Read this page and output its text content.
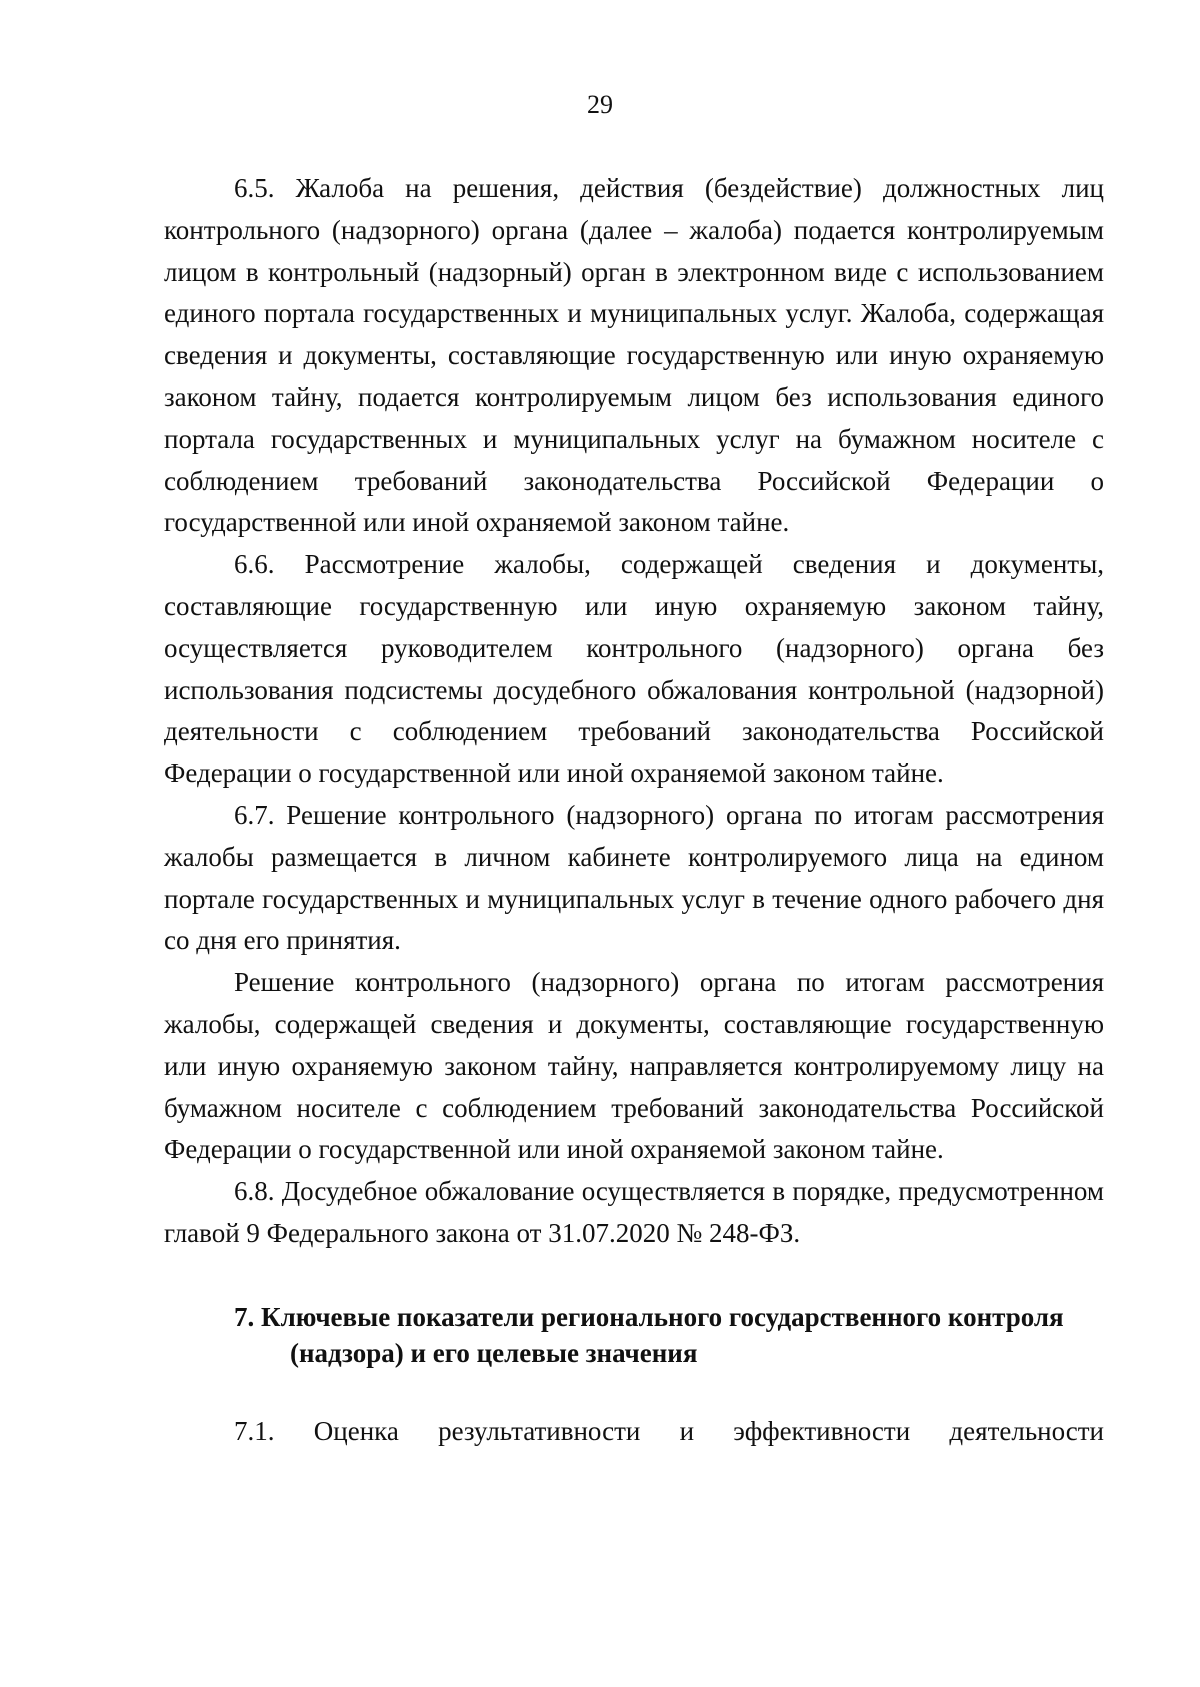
29

6.5. Жалоба на решения, действия (бездействие) должностных лиц контрольного (надзорного) органа (далее – жалоба) подается контролируемым лицом в контрольный (надзорный) орган в электронном виде с использованием единого портала государственных и муниципальных услуг. Жалоба, содержащая сведения и документы, составляющие государственную или иную охраняемую законом тайну, подается контролируемым лицом без использования единого портала государственных и муниципальных услуг на бумажном носителе с соблюдением требований законодательства Российской Федерации о государственной или иной охраняемой законом тайне.

6.6. Рассмотрение жалобы, содержащей сведения и документы, составляющие государственную или иную охраняемую законом тайну, осуществляется руководителем контрольного (надзорного) органа без использования подсистемы досудебного обжалования контрольной (надзорной) деятельности с соблюдением требований законодательства Российской Федерации о государственной или иной охраняемой законом тайне.

6.7. Решение контрольного (надзорного) органа по итогам рассмотрения жалобы размещается в личном кабинете контролируемого лица на едином портале государственных и муниципальных услуг в течение одного рабочего дня со дня его принятия.

Решение контрольного (надзорного) органа по итогам рассмотрения жалобы, содержащей сведения и документы, составляющие государственную или иную охраняемую законом тайну, направляется контролируемому лицу на бумажном носителе с соблюдением требований законодательства Российской Федерации о государственной или иной охраняемой законом тайне.

6.8. Досудебное обжалование осуществляется в порядке, предусмотренном главой 9 Федерального закона от 31.07.2020 № 248-ФЗ.

7. Ключевые показатели регионального государственного контроля
(надзора) и его целевые значения

7.1. Оценка результативности и эффективности деятельности
